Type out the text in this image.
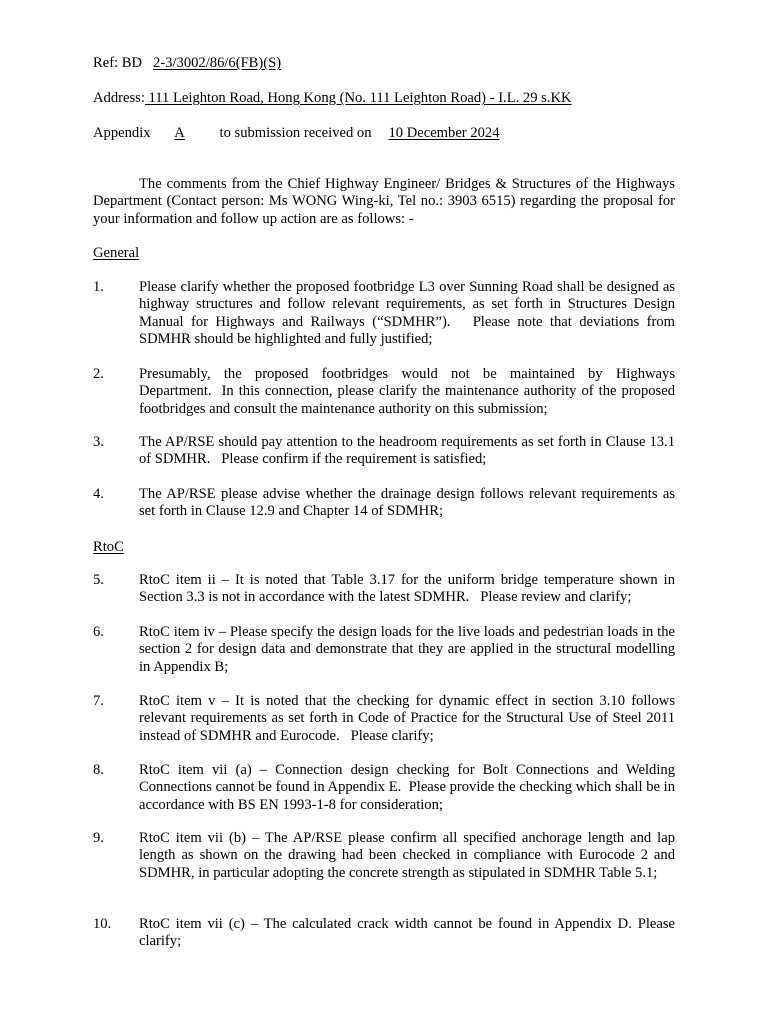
Ref: BD 2-3/3002/86/6(FB)(S)
Address: 111 Leighton Road, Hong Kong (No. 111 Leighton Road) - I.L. 29 s.KK
Appendix A to submission received on 10 December 2024

The comments from the Chief Highway Engineer/ Bridges & Structures of the Highways Department (Contact person: Ms WONG Wing-ki, Tel no.: 3903 6515) regarding the proposal for your information and follow up action are as follows: -

General
1.	Please clarify whether the proposed footbridge L3 over Sunning Road shall be designed as highway structures and follow relevant requirements, as set forth in Structures Design Manual for Highways and Railways (“SDMHR”).   Please note that deviations from SDMHR should be highlighted and fully justified;
2.	Presumably, the proposed footbridges would not be maintained by Highways Department.  In this connection, please clarify the maintenance authority of the proposed footbridges and consult the maintenance authority on this submission;
3.	The AP/RSE should pay attention to the headroom requirements as set forth in Clause 13.1 of SDMHR.   Please confirm if the requirement is satisfied;
4.	The AP/RSE please advise whether the drainage design follows relevant requirements as set forth in Clause 12.9 and Chapter 14 of SDMHR;
RtoC
5.	RtoC item ii – It is noted that Table 3.17 for the uniform bridge temperature shown in Section 3.3 is not in accordance with the latest SDMHR.   Please review and clarify;
6.	RtoC item iv – Please specify the design loads for the live loads and pedestrian loads in the section 2 for design data and demonstrate that they are applied in the structural modelling in Appendix B;
7.	RtoC item v – It is noted that the checking for dynamic effect in section 3.10 follows relevant requirements as set forth in Code of Practice for the Structural Use of Steel 2011 instead of SDMHR and Eurocode.   Please clarify;
8.	RtoC item vii (a) – Connection design checking for Bolt Connections and Welding Connections cannot be found in Appendix E.  Please provide the checking which shall be in accordance with BS EN 1993-1-8 for consideration;
9.	RtoC item vii (b) – The AP/RSE please confirm all specified anchorage length and lap length as shown on the drawing had been checked in compliance with Eurocode 2 and SDMHR, in particular adopting the concrete strength as stipulated in SDMHR Table 5.1;
10.	RtoC item vii (c) – The calculated crack width cannot be found in Appendix D. Please clarify;
